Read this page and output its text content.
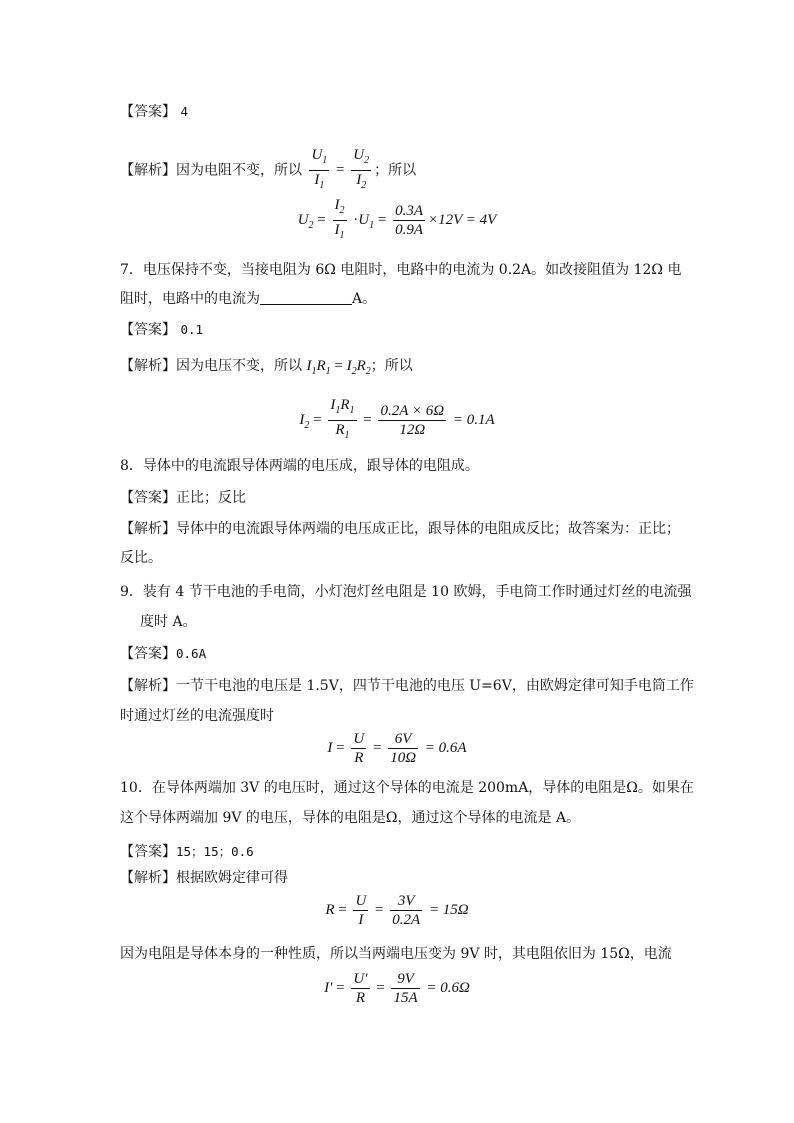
【答案】 4
【解析】因为电阻不变，所以 $\frac{U_1}{I_1} = \frac{U_2}{I_2}$ ；所以
$U_2 = \frac{I_2}{I_1} \cdot U_1 = \frac{0.3A}{0.9A} \times 12V = 4V$
7．电压保持不变，当接电阻为 6Ω 电阻时，电路中的电流为 0.2A。如改接阻值为 12Ω 电
阻时，电路中的电流为	A。
【答案】 0.1
【解析】因为电压不变，所以 $I_1R_1 = I_2R_2$；所以
$I_2 = \frac{I_1R_1}{R_1} = \frac{0.2A \times 6\Omega}{12\Omega} = 0.1A$
8．导体中的电流跟导体两端的电压成，跟导体的电阻成。
【答案】正比；反比
【解析】导体中的电流跟导体两端的电压成正比，跟导体的电阻成反比；故答案为：正比；
反比。
9．装有 4 节干电池的手电筒，小灯泡灯丝电阻是 10 欧姆，手电筒工作时通过灯丝的电流强
度时 A。
【答案】0.6A
【解析】一节干电池的电压是 1.5V，四节干电池的电压 U=6V，由欧姆定律可知手电筒工作
时通过灯丝的电流强度时
$I = \frac{U}{R} = \frac{6V}{10\Omega} = 0.6A$
10．在导体两端加 3V 的电压时，通过这个导体的电流是 200mA，导体的电阻是Ω。如果在
这个导体两端加 9V 的电压，导体的电阻是Ω，通过这个导体的电流是 A。
【答案】15；15；0.6
【解析】根据欧姆定律可得
$R = \frac{U}{I} = \frac{3V}{0.2A} = 15\Omega$
因为电阻是导体本身的一种性质，所以当两端电压变为 9V 时，其电阻依旧为 15Ω，电流
$I' = \frac{U'}{R} = \frac{9V}{15A} = 0.6\Omega$
